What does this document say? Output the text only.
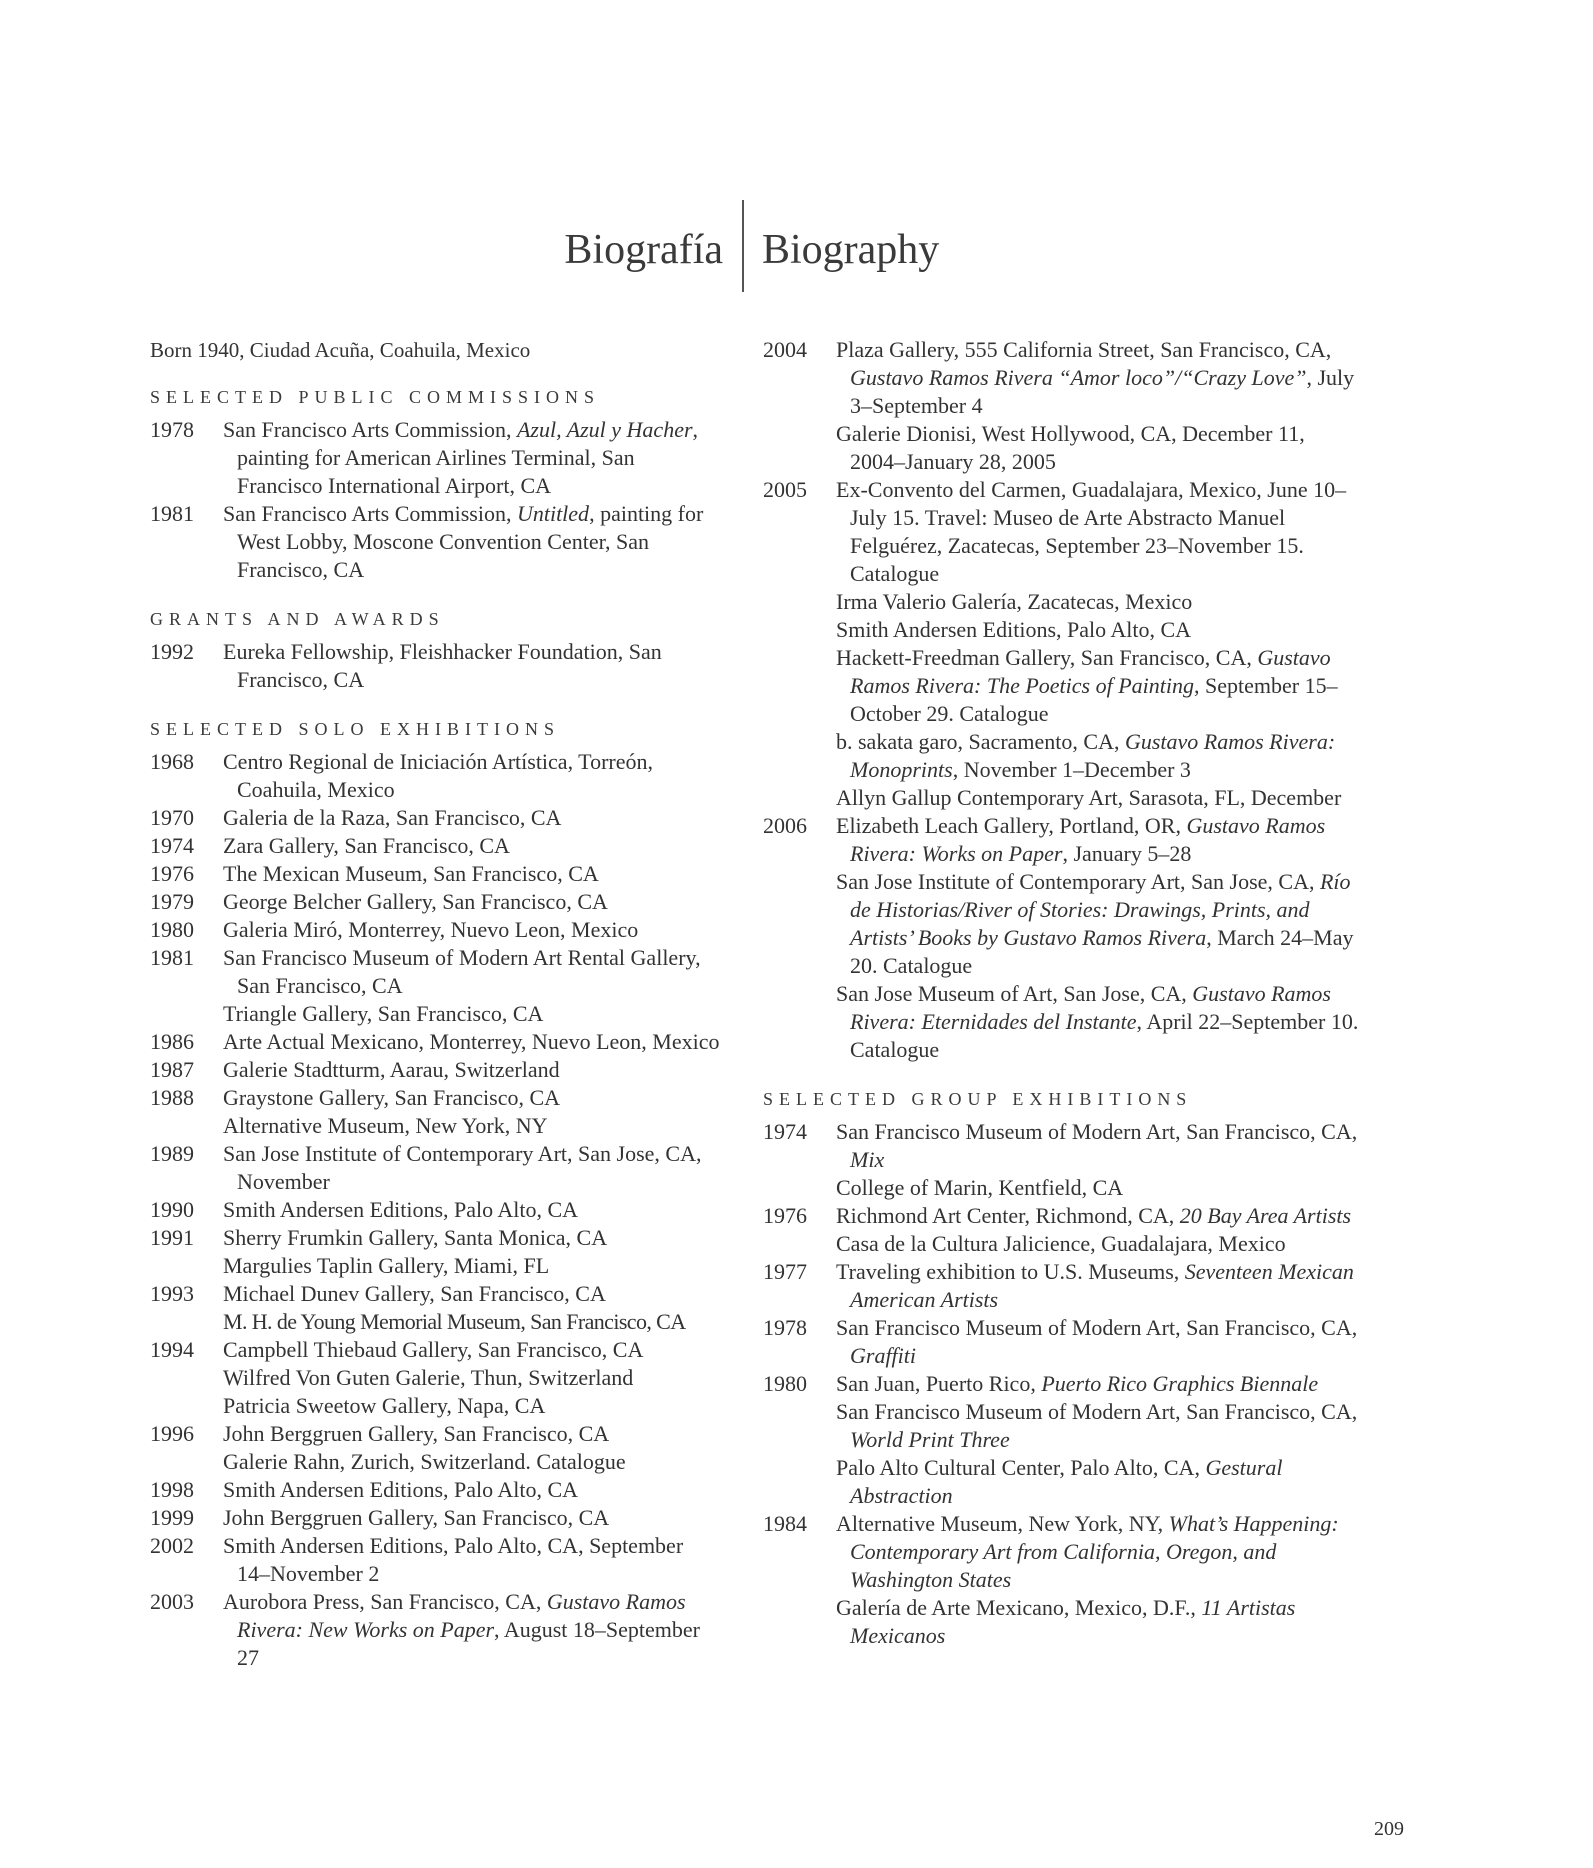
Biografía Biography
Born 1940, Ciudad Acuña, Coahuila, Mexico
SELECTED PUBLIC COMMISSIONS
1978	San Francisco Arts Commission, Azul, Azul y Hacher, painting for American Airlines Terminal, San Francisco International Airport, CA
1981	San Francisco Arts Commission, Untitled, painting for West Lobby, Moscone Convention Center, San Francisco, CA
GRANTS AND AWARDS
1992	Eureka Fellowship, Fleishhacker Foundation, San Francisco, CA
SELECTED SOLO EXHIBITIONS
1968	Centro Regional de Iniciación Artística, Torreón, Coahuila, Mexico
1970	Galeria de la Raza, San Francisco, CA
1974	Zara Gallery, San Francisco, CA
1976	The Mexican Museum, San Francisco, CA
1979	George Belcher Gallery, San Francisco, CA
1980	Galeria Miró, Monterrey, Nuevo Leon, Mexico
1981	San Francisco Museum of Modern Art Rental Gallery, San Francisco, CA
Triangle Gallery, San Francisco, CA
1986	Arte Actual Mexicano, Monterrey, Nuevo Leon, Mexico
1987	Galerie Stadtturm, Aarau, Switzerland
1988	Graystone Gallery, San Francisco, CA
Alternative Museum, New York, NY
1989	San Jose Institute of Contemporary Art, San Jose, CA, November
1990	Smith Andersen Editions, Palo Alto, CA
1991	Sherry Frumkin Gallery, Santa Monica, CA
Margulies Taplin Gallery, Miami, FL
1993	Michael Dunev Gallery, San Francisco, CA
M. H. de Young Memorial Museum, San Francisco, CA
1994	Campbell Thiebaud Gallery, San Francisco, CA
Wilfred Von Guten Galerie, Thun, Switzerland
Patricia Sweetow Gallery, Napa, CA
1996	John Berggruen Gallery, San Francisco, CA
Galerie Rahn, Zurich, Switzerland. Catalogue
1998	Smith Andersen Editions, Palo Alto, CA
1999	John Berggruen Gallery, San Francisco, CA
2002	Smith Andersen Editions, Palo Alto, CA, September 14–November 2
2003	Aurobora Press, San Francisco, CA, Gustavo Ramos Rivera: New Works on Paper, August 18–September 27
2004	Plaza Gallery, 555 California Street, San Francisco, CA, Gustavo Ramos Rivera “Amor loco”/“Crazy Love”, July 3–September 4
Galerie Dionisi, West Hollywood, CA, December 11, 2004–January 28, 2005
2005	Ex-Convento del Carmen, Guadalajara, Mexico, June 10–July 15. Travel: Museo de Arte Abstracto Manuel Felguérez, Zacatecas, September 23–November 15. Catalogue
Irma Valerio Galería, Zacatecas, Mexico
Smith Andersen Editions, Palo Alto, CA
Hackett-Freedman Gallery, San Francisco, CA, Gustavo Ramos Rivera: The Poetics of Painting, September 15–October 29. Catalogue
b. sakata garo, Sacramento, CA, Gustavo Ramos Rivera: Monoprints, November 1–December 3
Allyn Gallup Contemporary Art, Sarasota, FL, December
2006	Elizabeth Leach Gallery, Portland, OR, Gustavo Ramos Rivera: Works on Paper, January 5–28
San Jose Institute of Contemporary Art, San Jose, CA, Río de Historias/River of Stories: Drawings, Prints, and Artists’ Books by Gustavo Ramos Rivera, March 24–May 20. Catalogue
San Jose Museum of Art, San Jose, CA, Gustavo Ramos Rivera: Eternidades del Instante, April 22–September 10. Catalogue
SELECTED GROUP EXHIBITIONS
1974	San Francisco Museum of Modern Art, San Francisco, CA, Mix
College of Marin, Kentfield, CA
1976	Richmond Art Center, Richmond, CA, 20 Bay Area Artists
Casa de la Cultura Jalicience, Guadalajara, Mexico
1977	Traveling exhibition to U.S. Museums, Seventeen Mexican American Artists
1978	San Francisco Museum of Modern Art, San Francisco, CA, Graffiti
1980	San Juan, Puerto Rico, Puerto Rico Graphics Biennale
San Francisco Museum of Modern Art, San Francisco, CA, World Print Three
Palo Alto Cultural Center, Palo Alto, CA, Gestural Abstraction
1984	Alternative Museum, New York, NY, What’s Happening: Contemporary Art from California, Oregon, and Washington States
Galería de Arte Mexicano, Mexico, D.F., 11 Artistas Mexicanos
209
